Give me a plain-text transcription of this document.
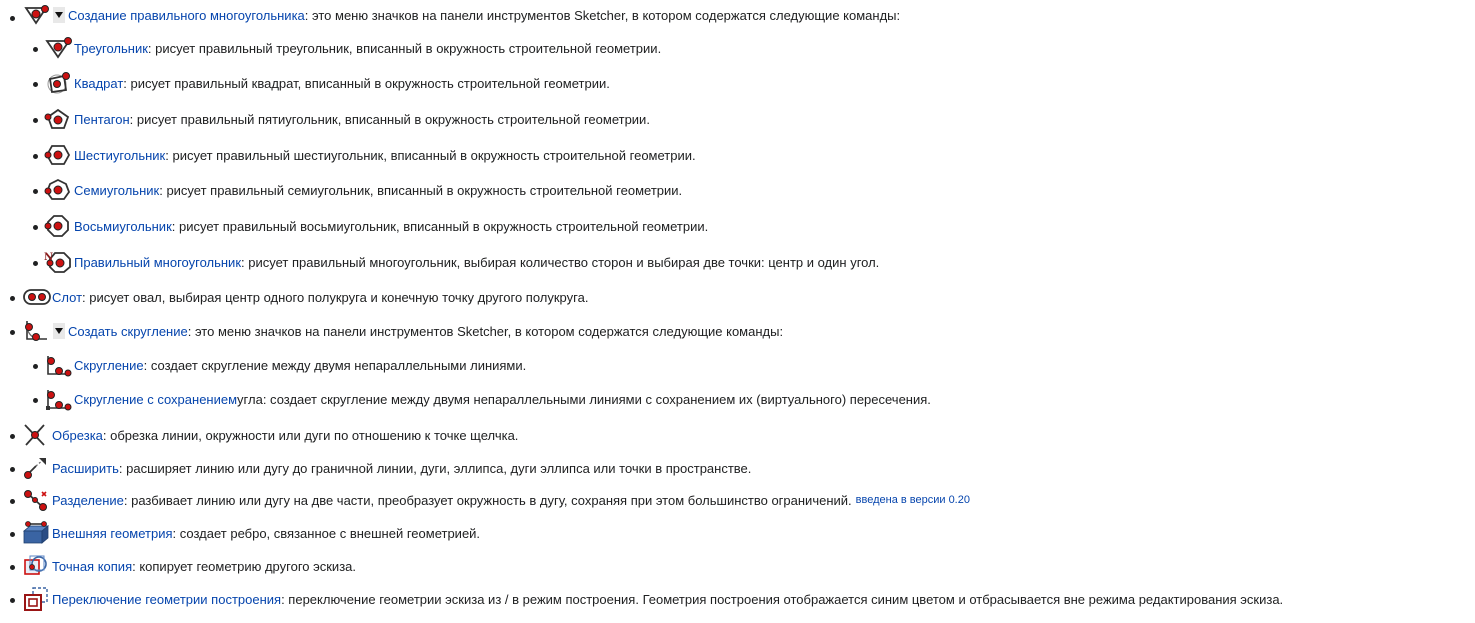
Создание правильного многоугольника : это меню значков на панели инструментов Sketcher, в котором содержатся следующие команды:
Треугольник : рисует правильный треугольник, вписанный в окружность строительной геометрии.
Квадрат : рисует правильный квадрат, вписанный в окружность строительной геометрии.
Пентагон : рисует правильный пятиугольник, вписанный в окружность строительной геометрии.
Шестиугольник : рисует правильный шестиугольник, вписанный в окружность строительной геометрии.
Семиугольник : рисует правильный семиугольник, вписанный в окружность строительной геометрии.
Восьмиугольник : рисует правильный восьмиугольник, вписанный в окружность строительной геометрии.
N Правильный многоугольник : рисует правильный многоугольник, выбирая количество сторон и выбирая две точки: центр и один угол.
Слот : рисует овал, выбирая центр одного полукруга и конечную точку другого полукруга.
Создать скругление : это меню значков на панели инструментов Sketcher, в котором содержатся следующие команды:
Скругление : создает скругление между двумя непараллельными линиями.
Скругление с сохранением угла: создает скругление между двумя непараллельными линиями с сохранением их (виртуального) пересечения.
Обрезка : обрезка линии, окружности или дуги по отношению к точке щелчка.
Расширить : расширяет линию или дугу до граничной линии, дуги, эллипса, дуги эллипса или точки в пространстве.
Разделение : разбивает линию или дугу на две части, преобразует окружность в дугу, сохраняя при этом большинство ограничений. введена в версии 0.20
Внешняя геометрия : создает ребро, связанное с внешней геометрией.
Точная копия : копирует геометрию другого эскиза.
Переключение геометрии построения : переключение геометрии эскиза из / в режим построения. Геометрия построения отображается синим цветом и отбрасывается вне режима редактирования эскиза.
